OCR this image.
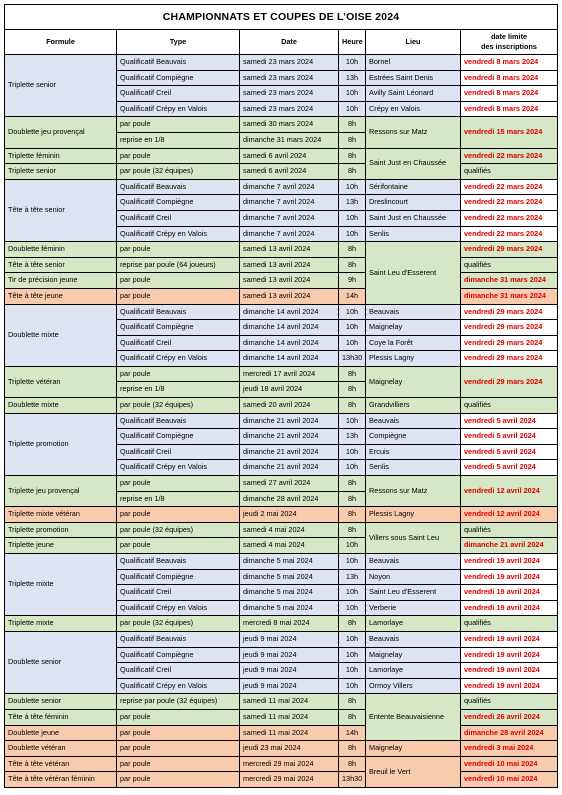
CHAMPIONNATS ET COUPES DE L’OISE 2024					
Formule	Type	Date	Heure	Lieu	date limite
des inscriptions
Triplette senior	Qualificatif Beauvais	samedi 23 mars 2024	10h	Bornel	vendredi 8 mars 2024
	Qualificatif Compiègne	samedi 23 mars 2024	13h	Estrées Saint Denis	vendredi 8 mars 2024
	Qualificatif Creil	samedi 23 mars 2024	10h	Avilly Saint Léonard	vendredi 8 mars 2024
	Qualificatif Crépy en Valois	samedi 23 mars 2024	10h	Crépy en Valois	vendredi 8 mars 2024
Doublette jeu provençal	par poule	samedi 30 mars 2024	8h	Ressons sur Matz	vendredi 15 mars 2024
	reprise en 1/8	dimanche 31 mars 2024	8h		
Triplette féminin	par poule	samedi 6 avril 2024	8h	Saint Just en Chaussée	vendredi 22 mars 2024
Triplette senior	par poule (32 équipes)	samedi 6 avril 2024	8h		qualifiés
Tête à tête senior	Qualificatif Beauvais	dimanche 7 avril 2024	10h	Sérifontaine	vendredi 22 mars 2024
	Qualificatif Compiègne	dimanche 7 avril 2024	13h	Dreslincourt	vendredi 22 mars 2024
	Qualificatif Creil	dimanche 7 avril 2024	10h	Saint Just en Chaussée	vendredi 22 mars 2024
	Qualificatif Crépy en Valois	dimanche 7 avril 2024	10h	Senlis	vendredi 22 mars 2024
Doublette féminin	par poule	samedi 13 avril 2024	8h	Saint Leu d'Esserent	vendredi 29 mars 2024
Tête à tête senior	reprise par poule (64 joueurs)	samedi 13 avril 2024	8h		qualifiés
Tir de précision jeune	par poule	samedi 13 avril 2024	9h		dimanche 31 mars 2024
Tête à tête jeune	par poule	samedi 13 avril 2024	14h		dimanche 31 mars 2024
Doublette mixte	Qualificatif Beauvais	dimanche 14 avril 2024	10h	Beauvais	vendredi 29 mars 2024
	Qualificatif Compiègne	dimanche 14 avril 2024	10h	Maignelay	vendredi 29 mars 2024
	Qualificatif Creil	dimanche 14 avril 2024	10h	Coye la Forêt	vendredi 29 mars 2024
	Qualificatif Crépy en Valois	dimanche 14 avril 2024	13h30	Plessis Lagny	vendredi 29 mars 2024
Triplette vétéran	par poule	mercredi 17 avril 2024	8h	Maignelay	vendredi 29 mars 2024
	reprise en 1/8	jeudi 18 avril 2024	8h		
Doublette mixte	par poule (32 équipes)	samedi 20 avril 2024	8h	Grandvilliers	qualifiés
Triplette promotion	Qualificatif Beauvais	dimanche 21 avril 2024	10h	Beauvais	vendredi 5 avril 2024
	Qualificatif Compiègne	dimanche 21 avril 2024	13h	Compiègne	vendredi 5 avril 2024
	Qualificatif Creil	dimanche 21 avril 2024	10h	Ercuis	vendredi 5 avril 2024
	Qualificatif Crépy en Valois	dimanche 21 avril 2024	10h	Senlis	vendredi 5 avril 2024
Triplette jeu provençal	par poule	samedi 27 avril 2024	8h	Ressons sur Matz	vendredi 12 avril 2024
	reprise en 1/8	dimanche 28 avril 2024	8h		
Triplette mixte vétéran	par poule	jeudi 2 mai 2024	8h	Plessis Lagny	vendredi 12 avril 2024
Triplette promotion	par poule (32 équipes)	samedi 4 mai 2024	8h	Villers sous Saint Leu	qualifiés
Triplette jeune	par poule	samedi 4 mai 2024	10h		dimanche 21 avril 2024
Triplette mixte	Qualificatif Beauvais	dimanche 5 mai 2024	10h	Beauvais	vendredi 19 avril 2024
	Qualificatif Compiègne	dimanche 5 mai 2024	13h	Noyon	vendredi 19 avril 2024
	Qualificatif Creil	dimanche 5 mai 2024	10h	Saint Leu d'Esserent	vendredi 19 avril 2024
	Qualificatif Crépy en Valois	dimanche 5 mai 2024	10h	Verberie	vendredi 19 avril 2024
Triplette mixte	par poule (32 équipes)	mercredi 8 mai 2024	8h	Lamorlaye	qualifiés
Doublette senior	Qualificatif Beauvais	jeudi 9 mai 2024	10h	Beauvais	vendredi 19 avril 2024
	Qualificatif Compiègne	jeudi 9 mai 2024	10h	Maignelay	vendredi 19 avril 2024
	Qualificatif Creil	jeudi 9 mai 2024	10h	Lamorlaye	vendredi 19 avril 2024
	Qualificatif Crépy en Valois	jeudi 9 mai 2024	10h	Ormoy Villers	vendredi 19 avril 2024
Doublette senior	reprise par poule (32 équipes)	samedi 11 mai 2024	8h	Entente Beauvaisienne	qualifiés
Tête à tête féminin	par poule	samedi 11 mai 2024	8h		vendredi 26 avril 2024
Doublette jeune	par poule	samedi 11 mai 2024	14h		dimanche 28 avril 2024
Doublette vétéran	par poule	jeudi 23 mai 2024	8h	Maignelay	vendredi 3 mai 2024
Tête à tête vétéran	par poule	mercredi 29 mai 2024	8h	Breuil le Vert	vendredi 10 mai 2024
Tête à tête vétéran féminin	par poule	mercredi 29 mai 2024	13h30		vendredi 10 mai 2024
